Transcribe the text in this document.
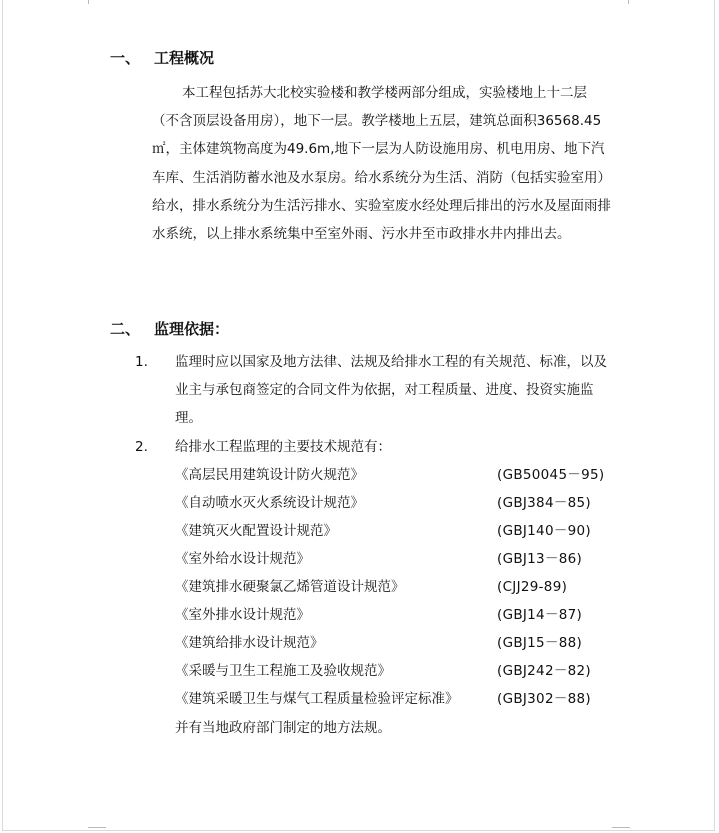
一、 工程概况

本工程包括苏大北校实验楼和教学楼两部分组成，实验楼地上十二层（不含顶层设备用房），地下一层。教学楼地上五层，建筑总面积36568.45㎡，主体建筑物高度为49.6m,地下一层为人防设施用房、机电用房、地下汽车库、生活消防蓄水池及水泵房。给水系统分为生活、消防（包括实验室用）给水，排水系统分为生活污排水、实验室废水经处理后排出的污水及屋面雨排水系统，以上排水系统集中至室外雨、污水井至市政排水井内排出去。

二、 监理依据：
1. 监理时应以国家及地方法律、法规及给排水工程的有关规范、标准，以及业主与承包商签定的合同文件为依据，对工程质量、进度、投资实施监理。

2. 给排水工程监理的主要技术规范有：

《高层民用建筑设计防火规范》	(GB50045－95)
《自动喷水灭火系统设计规范》	(GBJ384－85)
《建筑灭火配置设计规范》	(GBJ140－90)
《室外给水设计规范》	(GBJ13－86)
《建筑排水硬聚氯乙烯管道设计规范》	(CJJ29-89)
《室外排水设计规范》	(GBJ14－87)
《建筑给排水设计规范》	(GBJ15－88)
《采暖与卫生工程施工及验收规范》	(GBJ242－82)
《建筑采暖卫生与煤气工程质量检验评定标准》	(GBJ302－88)
并有当地政府部门制定的地方法规。
